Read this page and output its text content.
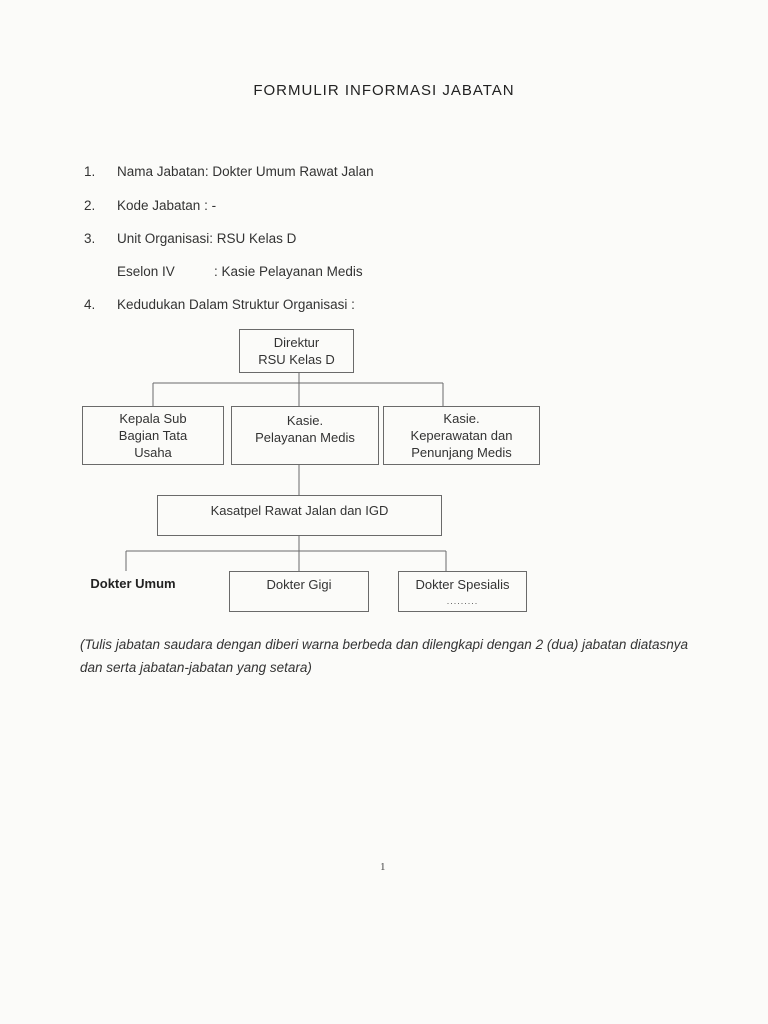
FORMULIR INFORMASI JABATAN
1.	Nama Jabatan: Dokter Umum Rawat Jalan
2.	Kode Jabatan : -
3.	Unit Organisasi: RSU Kelas D
Eselon IV	: Kasie Pelayanan Medis
4.	Kedudukan Dalam Struktur Organisasi :
Direktur
RSU Kelas D
Kepala Sub
Bagian Tata
Usaha
Kasie.
Pelayanan Medis
Kasie.
Keperawatan dan
Penunjang Medis
Kasatpel Rawat Jalan dan IGD
Dokter Umum	Dokter Gigi	Dokter Spesialis
.........
(Tulis jabatan saudara dengan diberi warna berbeda dan dilengkapi dengan 2 (dua) jabatan diatasnya dan serta jabatan-jabatan yang setara)
1
